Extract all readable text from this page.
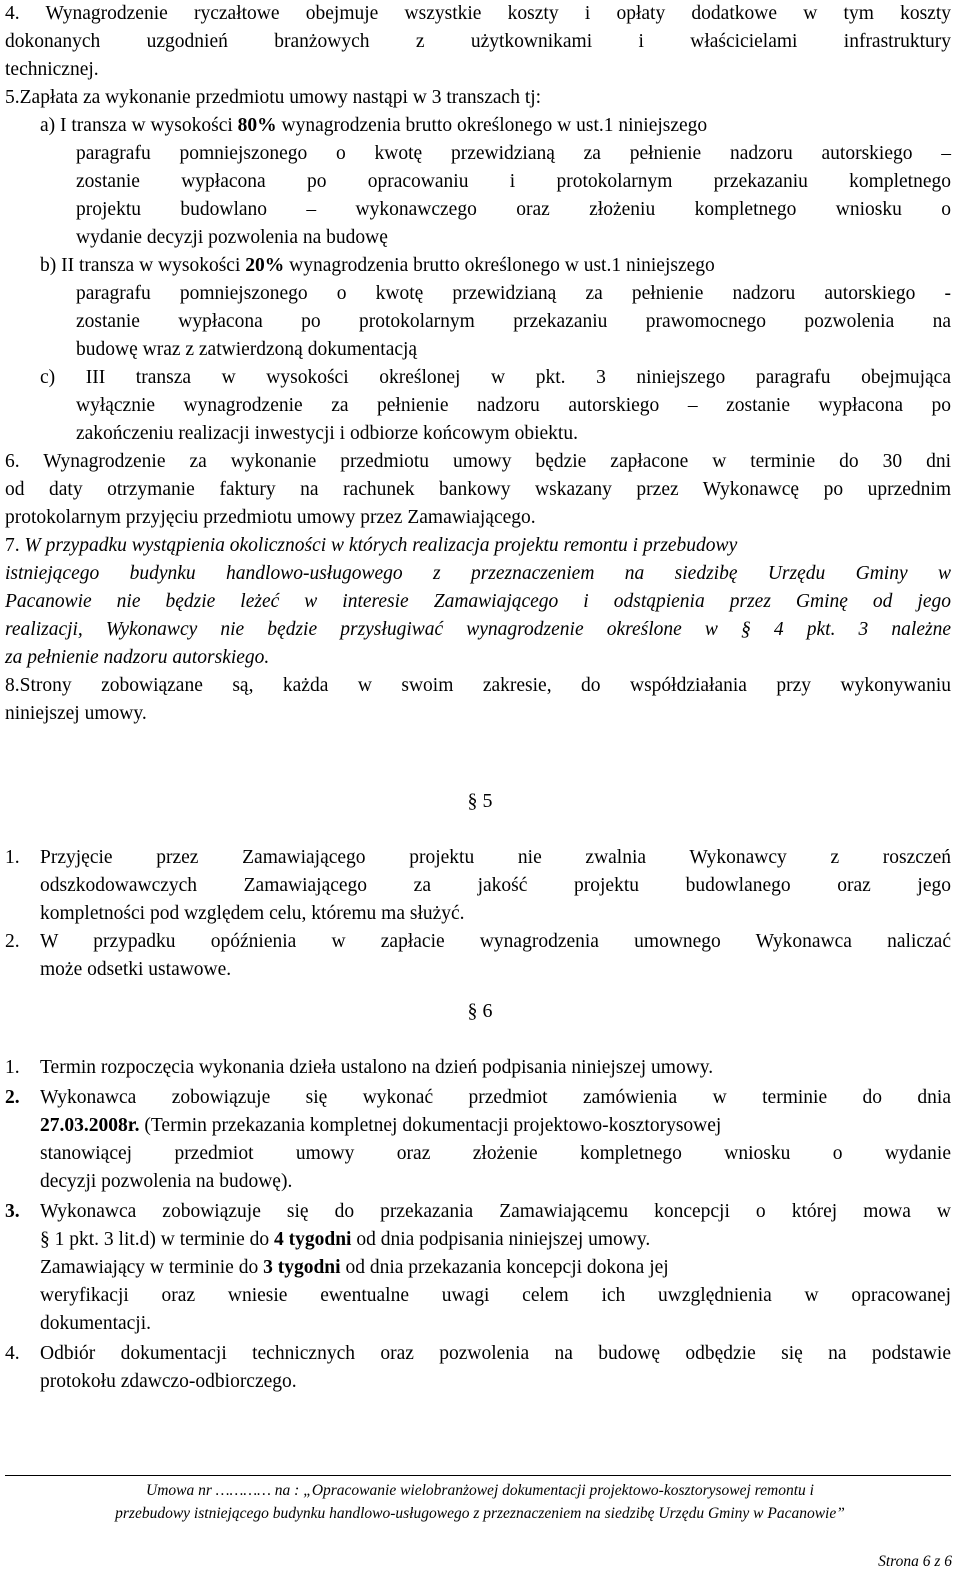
4. Wynagrodzenie ryczałtowe obejmuje wszystkie koszty i opłaty dodatkowe w tym koszty
dokonanych uzgodnień branżowych z użytkownikami i właścicielami infrastruktury
technicznej.
5.Zapłata za wykonanie przedmiotu umowy nastąpi w 3 transzach tj:
a) I transza w wysokości 80% wynagrodzenia brutto określonego w ust.1 niniejszego
paragrafu pomniejszonego o kwotę przewidzianą za pełnienie nadzoru autorskiego –
zostanie wypłacona po opracowaniu i protokolarnym przekazaniu kompletnego
projektu budowlano – wykonawczego oraz złożeniu kompletnego wniosku o
wydanie decyzji pozwolenia na budowę
b) II transza w wysokości 20% wynagrodzenia brutto określonego w ust.1 niniejszego
paragrafu pomniejszonego o kwotę przewidzianą za pełnienie nadzoru autorskiego -
zostanie wypłacona po protokolarnym przekazaniu prawomocnego pozwolenia na
budowę wraz z zatwierdzoną dokumentacją
c) III transza w wysokości określonej w pkt. 3 niniejszego paragrafu obejmująca
wyłącznie wynagrodzenie za pełnienie nadzoru autorskiego – zostanie wypłacona po
zakończeniu realizacji inwestycji i odbiorze końcowym obiektu.
6. Wynagrodzenie za wykonanie przedmiotu umowy będzie zapłacone w terminie do 30 dni
od daty otrzymanie faktury na rachunek bankowy wskazany przez Wykonawcę po uprzednim
protokolarnym przyjęciu przedmiotu umowy przez Zamawiającego.
7. W przypadku wystąpienia okoliczności w których realizacja projektu remontu i przebudowy
istniejącego budynku handlowo-usługowego z przeznaczeniem na siedzibę Urzędu Gminy w
Pacanowie nie będzie leżeć w interesie Zamawiającego i odstąpienia przez Gminę od jego
realizacji, Wykonawcy nie będzie przysługiwać wynagrodzenie określone w § 4 pkt. 3 należne
za pełnienie nadzoru autorskiego.
8.Strony zobowiązane są, każda w swoim zakresie, do współdziałania przy wykonywaniu
niniejszej umowy.
§ 5
1. Przyjęcie przez Zamawiającego projektu nie zwalnia Wykonawcy z roszczeń
odszkodowawczych Zamawiającego za jakość projektu budowlanego oraz jego
kompletności pod względem celu, któremu ma służyć.
2. W przypadku opóźnienia w zapłacie wynagrodzenia umownego Wykonawca naliczać
może odsetki ustawowe.
§ 6
1. Termin rozpoczęcia wykonania dzieła ustalono na dzień podpisania niniejszej umowy.
2. Wykonawca zobowiązuje się wykonać przedmiot zamówienia w terminie do dnia
27.03.2008r. (Termin przekazania kompletnej dokumentacji projektowo-kosztorysowej
stanowiącej przedmiot umowy oraz złożenie kompletnego wniosku o wydanie
decyzji pozwolenia na budowę).
3. Wykonawca zobowiązuje się do przekazania Zamawiającemu koncepcji o której mowa w
§ 1 pkt. 3 lit.d) w terminie do 4 tygodni od dnia podpisania niniejszej umowy.
Zamawiający w terminie do 3 tygodni od dnia przekazania koncepcji dokona jej
weryfikacji oraz wniesie ewentualne uwagi celem ich uwzględnienia w opracowanej
dokumentacji.
4. Odbiór dokumentacji technicznych oraz pozwolenia na budowę odbędzie się na podstawie
protokołu zdawczo-odbiorczego.
Umowa nr ………… na : „Opracowanie wielobranżowej dokumentacji projektowo-kosztorysowej remontu i
przebudowy istniejącego budynku handlowo-usługowego z przeznaczeniem na siedzibę Urzędu Gminy w Pacanowie”
Strona 6 z 6
